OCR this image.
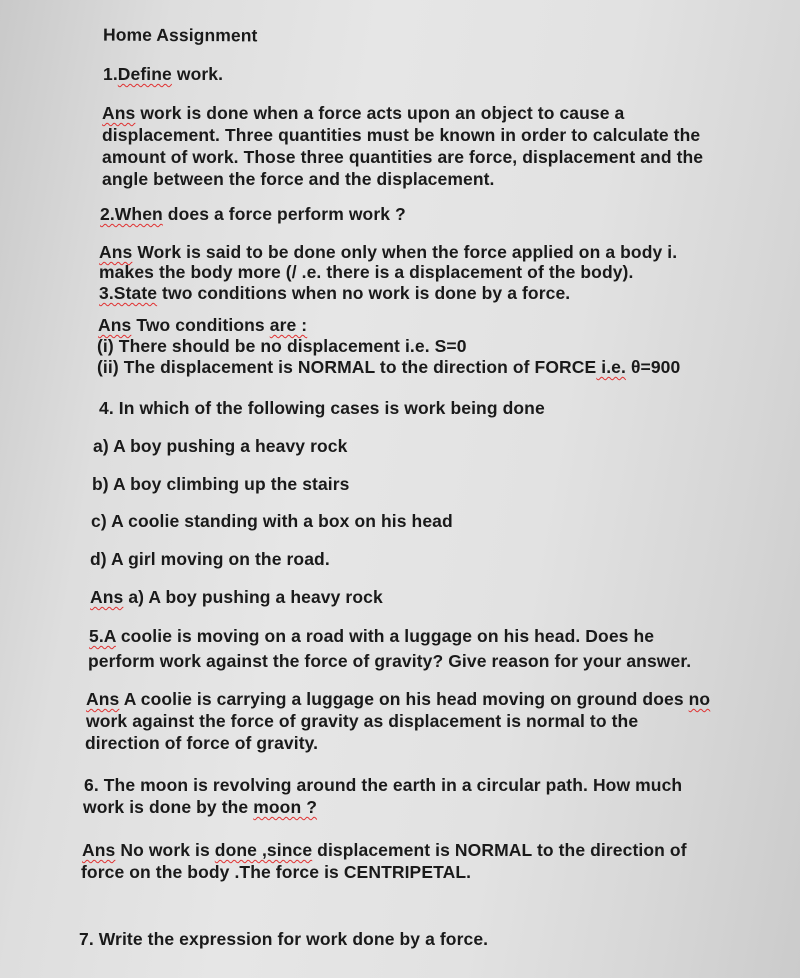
Home Assignment
1.Define work.
Ans work is done when a force acts upon an object to cause a
displacement. Three quantities must be known in order to calculate the
amount of work. Those three quantities are force, displacement and the
angle between the force and the displacement.
2.When does a force perform work ?
Ans Work is said to be done only when the force applied on a body i.
makes the body more (/ .e. there is a displacement of the body).
3.State two conditions when no work is done by a force.
Ans Two conditions are :
(i) There should be no displacement i.e. S=0
(ii) The displacement is NORMAL to the direction of FORCE i.e. θ=900
4. In which of the following cases is work being done
a) A boy pushing a heavy rock
b) A boy climbing up the stairs
c) A coolie standing with a box on his head
d) A girl moving on the road.
Ans a) A boy pushing a heavy rock
5.A coolie is moving on a road with a luggage on his head. Does he
perform work against the force of gravity? Give reason for your answer.
Ans A coolie is carrying a luggage on his head moving on ground does no
work against the force of gravity as displacement is normal to the
direction of force of gravity.
6. The moon is revolving around the earth in a circular path. How much
work is done by the moon ?
Ans No work is done ,since displacement is NORMAL to the direction of
force on the body .The force is CENTRIPETAL.
7. Write the expression for work done by a force.
